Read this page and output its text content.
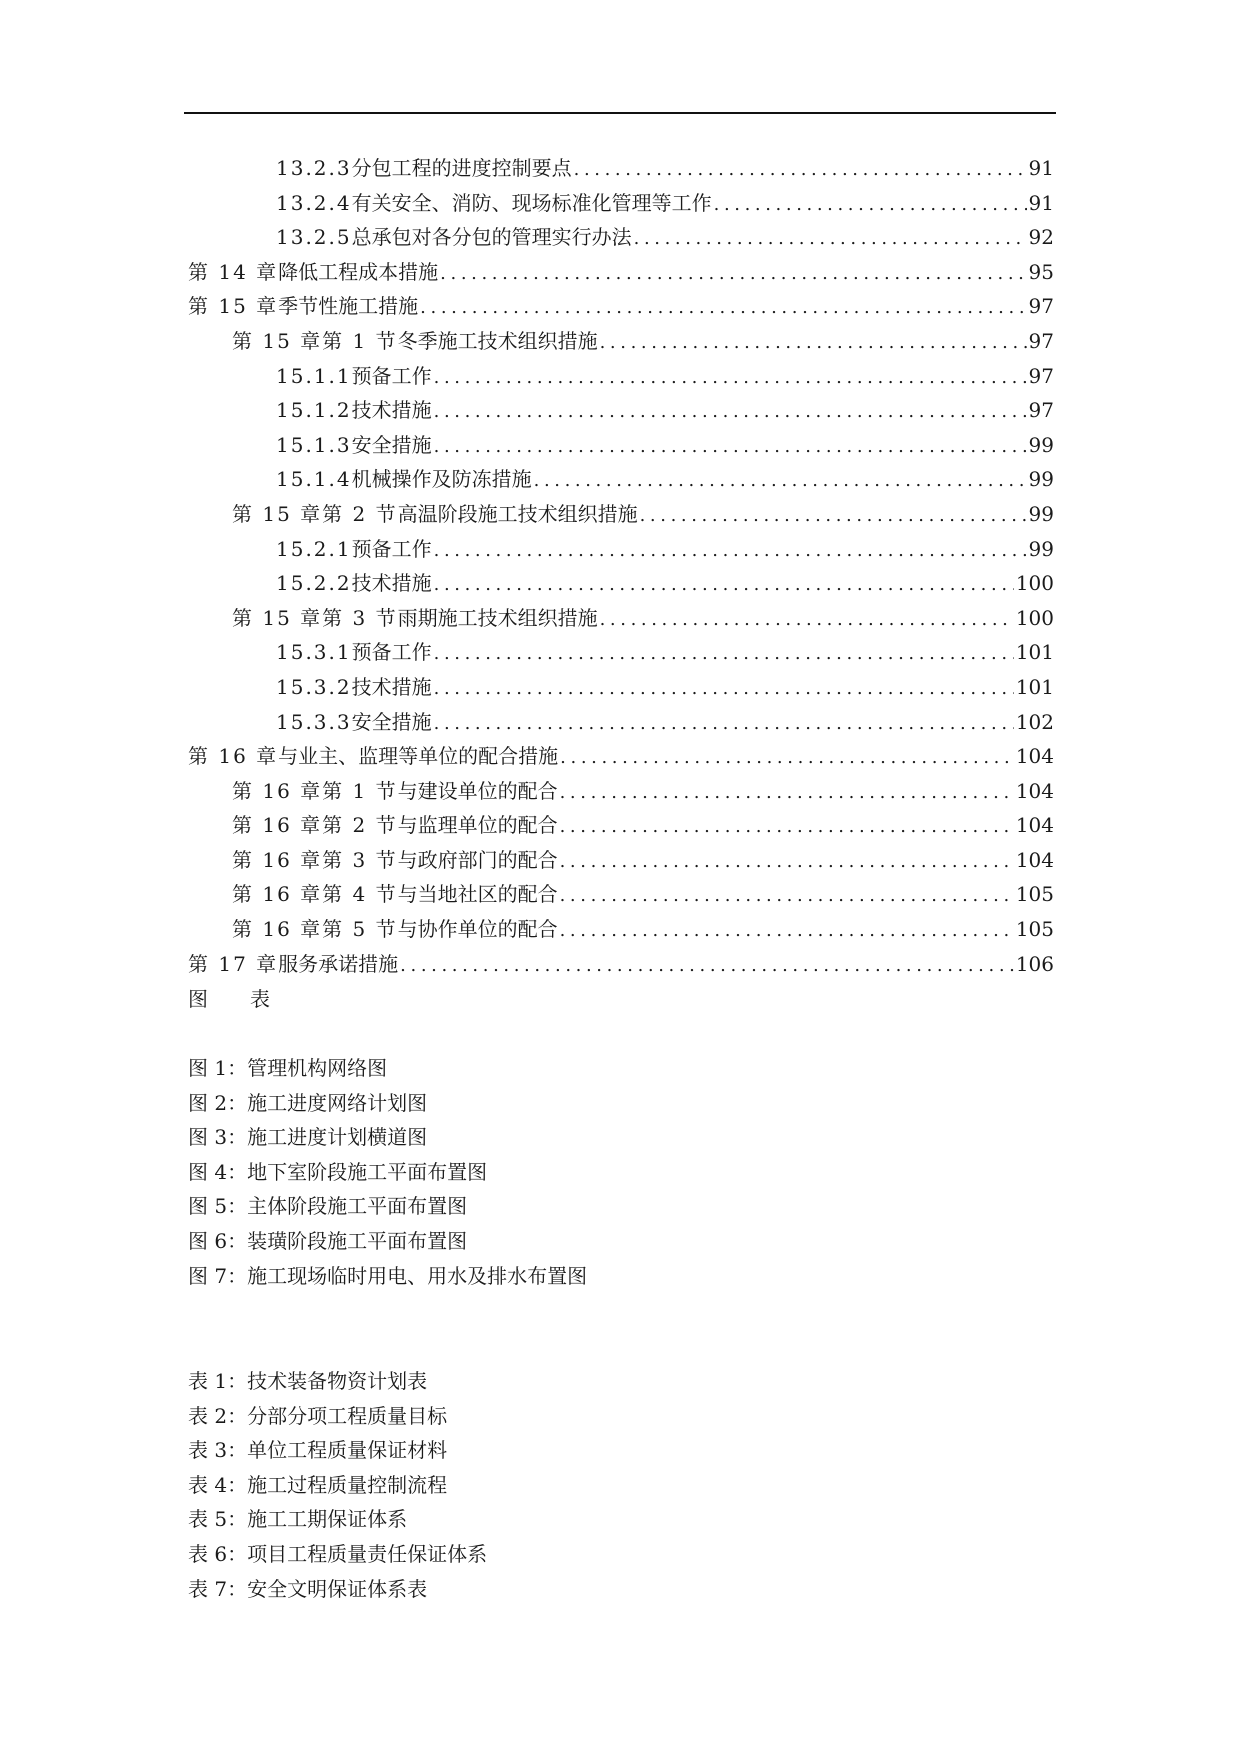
13.2.3 分包工程的进度控制要点 .....	91
13.2.4 有关安全、消防、现场标准化管理等工作 .....	91
13.2.5 总承包对各分包的管理实行办法 .....	92
第 14 章 降低工程成本措施 .....	95
第 15 章 季节性施工措施 .....	97
第 15 章第 1 节 冬季施工技术组织措施 .....	97
15.1.1 预备工作 .....	97
15.1.2 技术措施 .....	97
15.1.3 安全措施 .....	99
15.1.4 机械操作及防冻措施 .....	99
第 15 章第 2 节 高温阶段施工技术组织措施 .....	99
15.2.1 预备工作 .....	99
15.2.2 技术措施 .....	100
第 15 章第 3 节 雨期施工技术组织措施 .....	100
15.3.1 预备工作 .....	101
15.3.2 技术措施 .....	101
15.3.3 安全措施 .....	102
第 16 章 与业主、监理等单位的配合措施 .....	104
第 16 章第 1 节 与建设单位的配合 .....	104
第 16 章第 2 节 与监理单位的配合 .....	104
第 16 章第 3 节 与政府部门的配合 .....	104
第 16 章第 4 节 与当地社区的配合 .....	105
第 16 章第 5 节 与协作单位的配合 .....	105
第 17 章 服务承诺措施 .....	106
图 表
图 1：管理机构网络图
图 2：施工进度网络计划图
图 3：施工进度计划横道图
图 4：地下室阶段施工平面布置图
图 5：主体阶段施工平面布置图
图 6：装璜阶段施工平面布置图
图 7：施工现场临时用电、用水及排水布置图
表 1：技术装备物资计划表
表 2：分部分项工程质量目标
表 3：单位工程质量保证材料
表 4：施工过程质量控制流程
表 5：施工工期保证体系
表 6：项目工程质量责任保证体系
表 7：安全文明保证体系表
